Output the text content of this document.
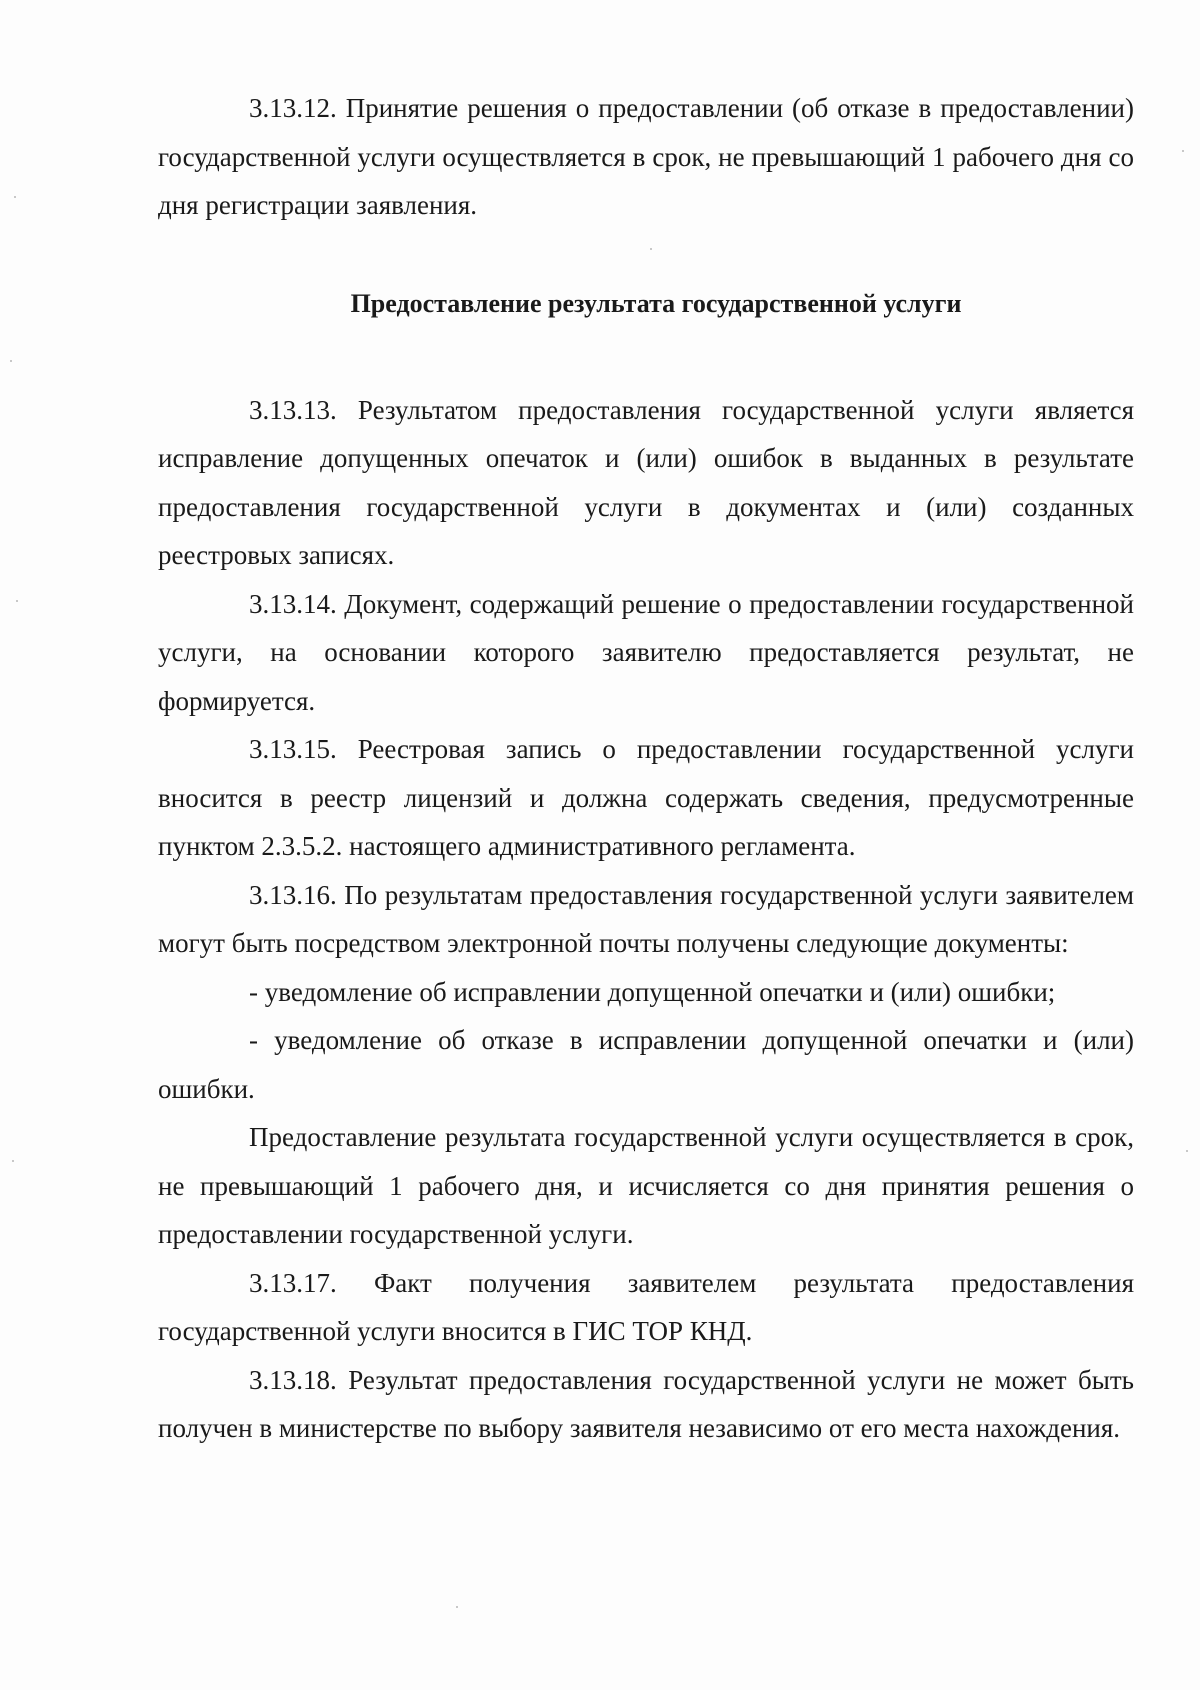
3.13.12. Принятие решения о предоставлении (об отказе в предоставлении) государственной услуги осуществляется в срок, не превышающий 1 рабочего дня со дня регистрации заявления.

Предоставление результата государственной услуги

3.13.13. Результатом предоставления государственной услуги является исправление допущенных опечаток и (или) ошибок в выданных в результате предоставления государственной услуги в документах и (или) созданных реестровых записях.

3.13.14. Документ, содержащий решение о предоставлении государственной услуги, на основании которого заявителю предоставляется результат, не формируется.

3.13.15. Реестровая запись о предоставлении государственной услуги вносится в реестр лицензий и должна содержать сведения, предусмотренные пунктом 2.3.5.2. настоящего административного регламента.

3.13.16. По результатам предоставления государственной услуги заявителем могут быть посредством электронной почты получены следующие документы:

- уведомление об исправлении допущенной опечатки и (или) ошибки;

- уведомление об отказе в исправлении допущенной опечатки и (или) ошибки.

Предоставление результата государственной услуги осуществляется в срок, не превышающий 1 рабочего дня, и исчисляется со дня принятия решения о предоставлении государственной услуги.

3.13.17. Факт получения заявителем результата предоставления государственной услуги вносится в ГИС ТОР КНД.

3.13.18. Результат предоставления государственной услуги не может быть получен в министерстве по выбору заявителя независимо от его места нахождения.
